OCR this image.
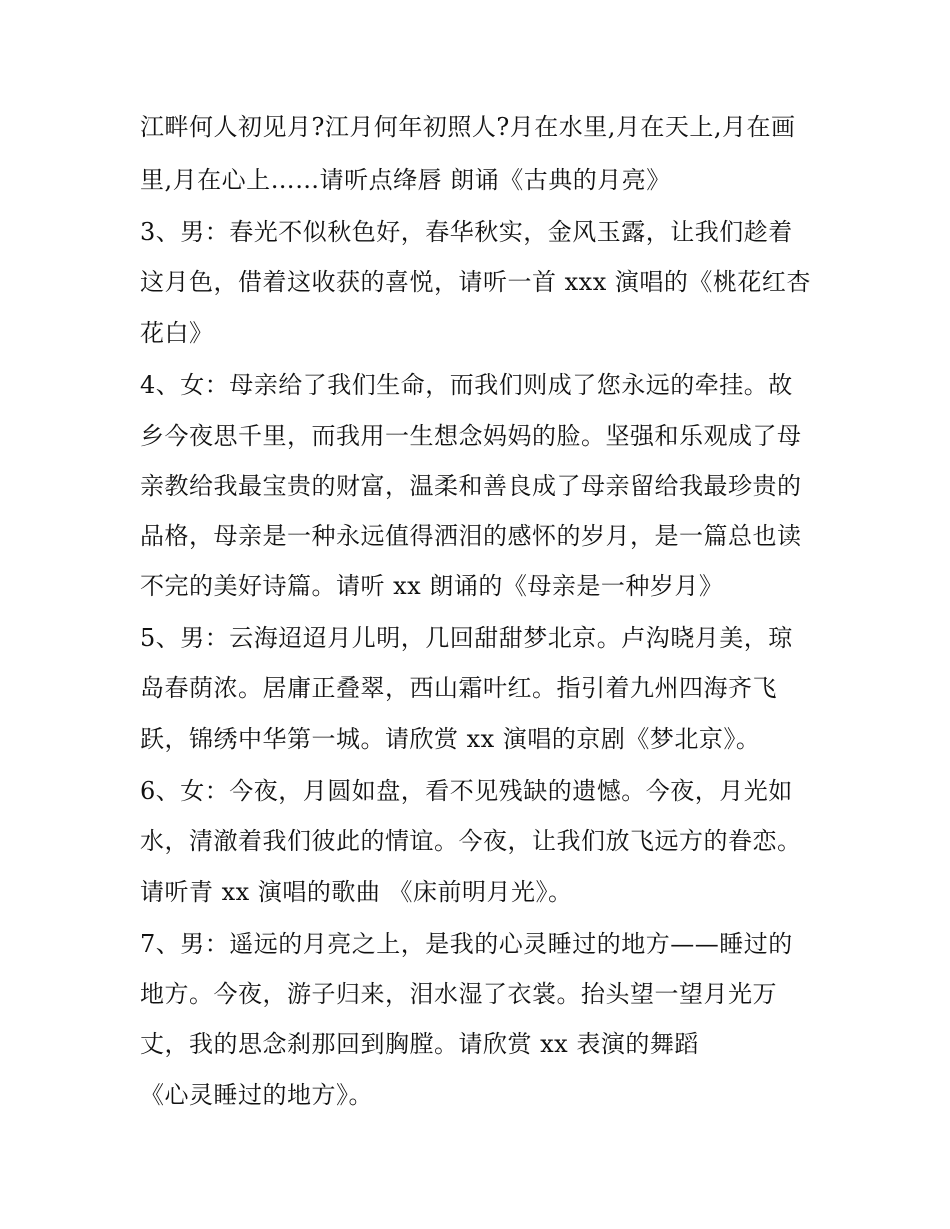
江畔何人初见月?江月何年初照人?月在水里,月在天上,月在画
里,月在心上……请听点绛唇 朗诵《古典的月亮》
3、男：春光不似秋色好，春华秋实，金风玉露，让我们趁着
这月色，借着这收获的喜悦，请听一首 xxx 演唱的《桃花红杏
花白》
4、女：母亲给了我们生命，而我们则成了您永远的牵挂。故
乡今夜思千里，而我用一生想念妈妈的脸。坚强和乐观成了母
亲教给我最宝贵的财富，温柔和善良成了母亲留给我最珍贵的
品格，母亲是一种永远值得洒泪的感怀的岁月，是一篇总也读
不完的美好诗篇。请听 xx 朗诵的《母亲是一种岁月》
5、男：云海迢迢月儿明，几回甜甜梦北京。卢沟晓月美，琼
岛春荫浓。居庸正叠翠，西山霜叶红。指引着九州四海齐飞
跃，锦绣中华第一城。请欣赏 xx 演唱的京剧《梦北京》。
6、女：今夜，月圆如盘，看不见残缺的遗憾。今夜，月光如
水，清澈着我们彼此的情谊。今夜，让我们放飞远方的眷恋。
请听青 xx 演唱的歌曲 《床前明月光》。
7、男：遥远的月亮之上，是我的心灵睡过的地方——睡过的
地方。今夜，游子归来，泪水湿了衣裳。抬头望一望月光万
丈，我的思念刹那回到胸膛。请欣赏 xx 表演的舞蹈
《心灵睡过的地方》。
